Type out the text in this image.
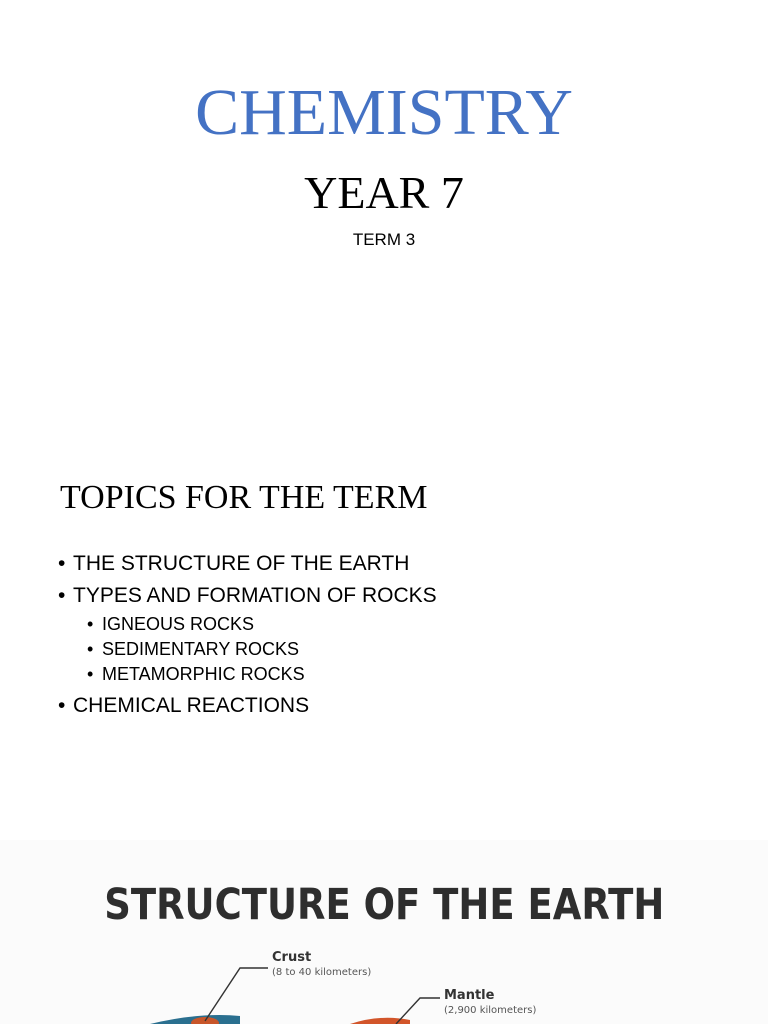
CHEMISTRY
YEAR 7
TERM 3
TOPICS FOR THE TERM
• THE STRUCTURE OF THE EARTH
• TYPES AND FORMATION OF ROCKS
• IGNEOUS ROCKS
• SEDIMENTARY ROCKS
• METAMORPHIC ROCKS
• CHEMICAL REACTIONS
STRUCTURE OF THE EARTH
Crust
(8 to 40 kilometers)
Mantle
(2,900 kilometers)
